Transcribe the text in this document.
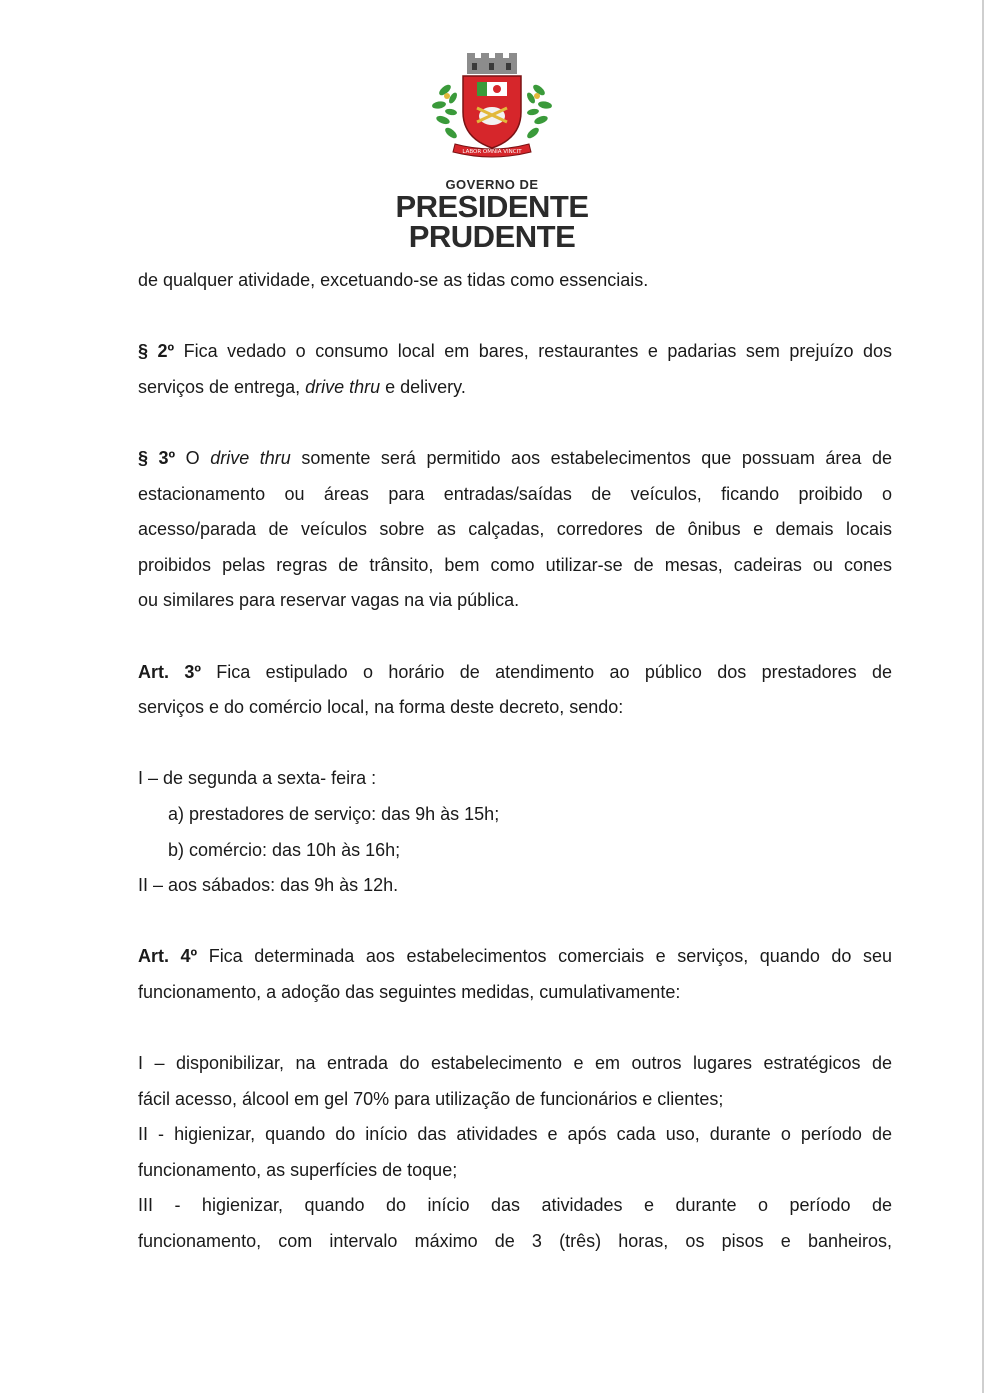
LABOR OMNIA VINCIT
GOVERNO DE
PRESIDENTE
PRUDENTE

de qualquer atividade, excetuando-se as tidas como essenciais.

§ 2º Fica vedado o consumo local em bares, restaurantes e padarias sem prejuízo dos

serviços de entrega, drive thru e delivery.

§ 3º O drive thru somente será permitido aos estabelecimentos que possuam área de

estacionamento ou áreas para entradas/saídas de veículos, ficando proibido o

acesso/parada de veículos sobre as calçadas, corredores de ônibus e demais locais

proibidos pelas regras de trânsito, bem como utilizar-se de mesas, cadeiras ou cones

ou similares para reservar vagas na via pública.

Art. 3º Fica estipulado o horário de atendimento ao público dos prestadores de

serviços e do comércio local, na forma deste decreto, sendo:

I – de segunda a sexta- feira :

a) prestadores de serviço: das 9h às 15h;

b) comércio: das 10h às 16h;

II – aos sábados: das 9h às 12h.

Art. 4º Fica determinada aos estabelecimentos comerciais e serviços, quando do seu

funcionamento, a adoção das seguintes medidas, cumulativamente:

I – disponibilizar, na entrada do estabelecimento e em outros lugares estratégicos de

fácil acesso, álcool em gel 70% para utilização de funcionários e clientes;

II - higienizar, quando do início das atividades e após cada uso, durante o período de

funcionamento, as superfícies de toque;

III - higienizar, quando do início das atividades e durante o período de

funcionamento, com intervalo máximo de 3 (três) horas, os pisos e banheiros,
